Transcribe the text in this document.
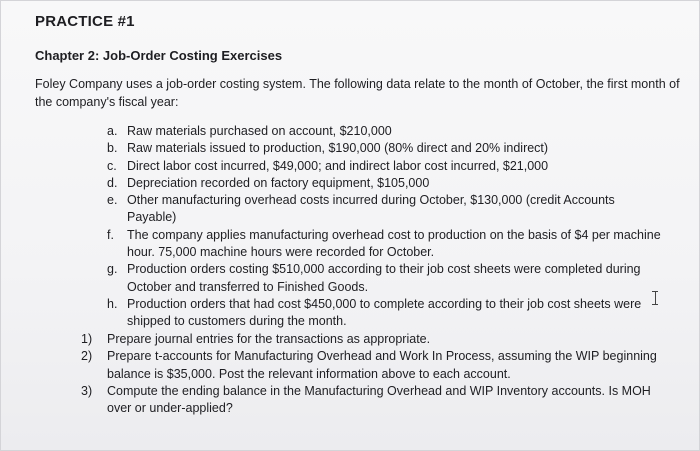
PRACTICE #1
Chapter 2: Job-Order Costing Exercises
Foley Company uses a job-order costing system. The following data relate to the month of October, the first month of the company's fiscal year:
a. Raw materials purchased on account, $210,000
b. Raw materials issued to production, $190,000 (80% direct and 20% indirect)
c. Direct labor cost incurred, $49,000; and indirect labor cost incurred, $21,000
d. Depreciation recorded on factory equipment, $105,000
e. Other manufacturing overhead costs incurred during October, $130,000 (credit Accounts Payable)
f.	The company applies manufacturing overhead cost to production on the basis of $4 per machine hour. 75,000 machine hours were recorded for October.
g. Production orders costing $510,000 according to their job cost sheets were completed during October and transferred to Finished Goods.
h. Production orders that had cost $450,000 to complete according to their job cost sheets were shipped to customers during the month.
1)	Prepare journal entries for the transactions as appropriate.
2)	Prepare t-accounts for Manufacturing Overhead and Work In Process, assuming the WIP beginning balance is $35,000. Post the relevant information above to each account.
3)	Compute the ending balance in the Manufacturing Overhead and WIP Inventory accounts. Is MOH over or under-applied?
